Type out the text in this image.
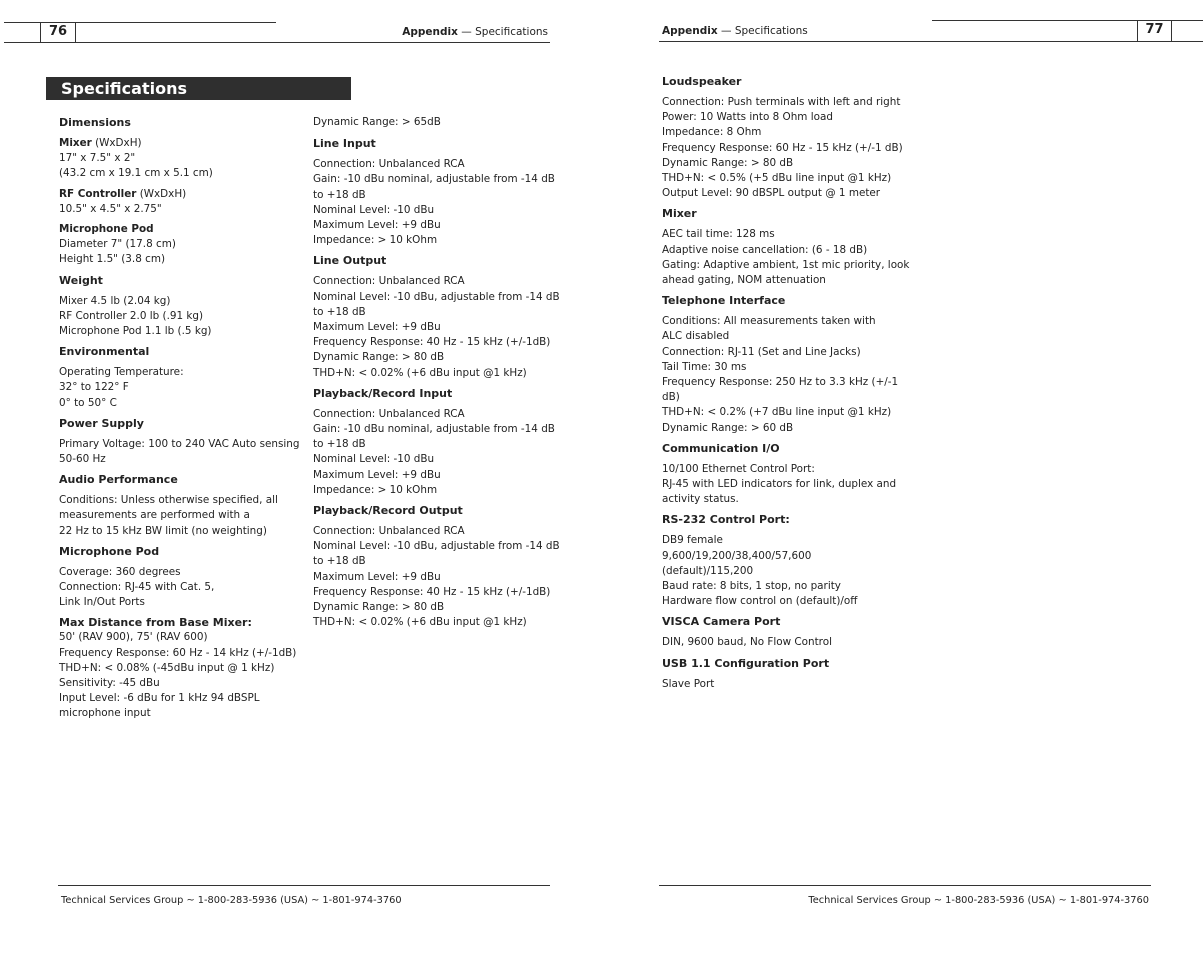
76	Appendix — Specifications
Specifications
Dimensions
Mixer (WxDxH)
17" x 7.5" x 2"
(43.2 cm x 19.1 cm x 5.1 cm)
RF Controller (WxDxH)
10.5" x 4.5" x 2.75"
Microphone Pod
Diameter 7" (17.8 cm)
Height 1.5" (3.8 cm)
Weight
Mixer 4.5 lb (2.04 kg)
RF Controller 2.0 lb (.91 kg)
Microphone Pod 1.1 lb (.5 kg)
Environmental
Operating Temperature:
32° to 122° F
0° to 50° C
Power Supply
Primary Voltage: 100 to 240 VAC Auto sensing
50-60 Hz
Audio Performance
Conditions: Unless otherwise specified, all
measurements are performed with a
22 Hz to 15 kHz BW limit (no weighting)
Microphone Pod
Coverage: 360 degrees
Connection: RJ-45 with Cat. 5,
Link In/Out Ports
Max Distance from Base Mixer:
50' (RAV 900), 75' (RAV 600)
Frequency Response: 60 Hz - 14 kHz (+/-1dB)
THD+N: < 0.08% (-45dBu input @ 1 kHz)
Sensitivity: -45 dBu
Input Level: -6 dBu for 1 kHz 94 dBSPL
microphone input
Dynamic Range: > 65dB
Line Input
Connection: Unbalanced RCA
Gain: -10 dBu nominal, adjustable from -14 dB
to +18 dB
Nominal Level: -10 dBu
Maximum Level: +9 dBu
Impedance: > 10 kOhm
Line Output
Connection: Unbalanced RCA
Nominal Level: -10 dBu, adjustable from -14 dB
to +18 dB
Maximum Level: +9 dBu
Frequency Response: 40 Hz - 15 kHz (+/-1dB)
Dynamic Range: > 80 dB
THD+N: < 0.02% (+6 dBu input @1 kHz)
Playback/Record Input
Connection: Unbalanced RCA
Gain: -10 dBu nominal, adjustable from -14 dB
to +18 dB
Nominal Level: -10 dBu
Maximum Level: +9 dBu
Impedance: > 10 kOhm
Playback/Record Output
Connection: Unbalanced RCA
Nominal Level: -10 dBu, adjustable from -14 dB
to +18 dB
Maximum Level: +9 dBu
Frequency Response: 40 Hz - 15 kHz (+/-1dB)
Dynamic Range: > 80 dB
THD+N: < 0.02% (+6 dBu input @1 kHz)
Technical Services Group ~ 1-800-283-5936 (USA) ~ 1-801-974-3760
77
Appendix — Specifications
Loudspeaker
Connection: Push terminals with left and right
Power: 10 Watts into 8 Ohm load
Impedance: 8 Ohm
Frequency Response: 60 Hz - 15 kHz (+/-1 dB)
Dynamic Range: > 80 dB
THD+N: < 0.5% (+5 dBu line input @1 kHz)
Output Level: 90 dBSPL output @ 1 meter
Mixer
AEC tail time: 128 ms
Adaptive noise cancellation: (6 - 18 dB)
Gating: Adaptive ambient, 1st mic priority, look
ahead gating, NOM attenuation
Telephone Interface
Conditions: All measurements taken with
ALC disabled
Connection: RJ-11 (Set and Line Jacks)
Tail Time: 30 ms
Frequency Response: 250 Hz to 3.3 kHz (+/-1
dB)
THD+N: < 0.2% (+7 dBu line input @1 kHz)
Dynamic Range: > 60 dB
Communication I/O
10/100 Ethernet Control Port:
RJ-45 with LED indicators for link, duplex and
activity status.
RS-232 Control Port:
DB9 female
9,600/19,200/38,400/57,600
(default)/115,200
Baud rate: 8 bits, 1 stop, no parity
Hardware flow control on (default)/off
VISCA Camera Port
DIN, 9600 baud, No Flow Control
USB 1.1 Configuration Port
Slave Port
Technical Services Group ~ 1-800-283-5936 (USA) ~ 1-801-974-3760
